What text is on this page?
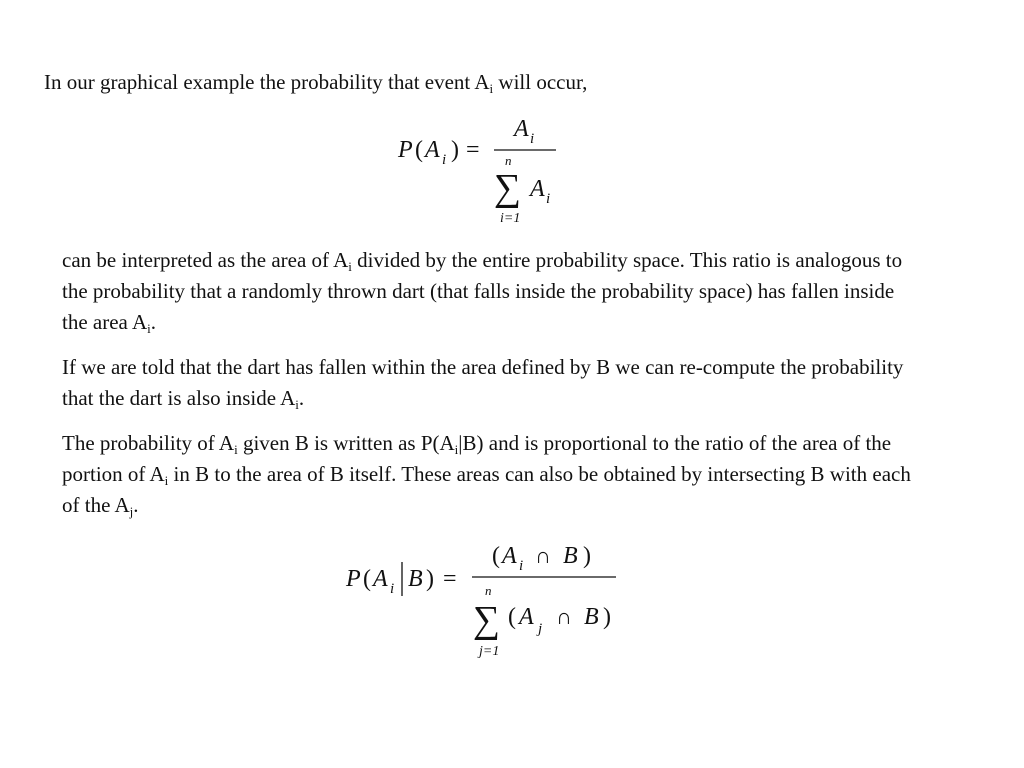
In our graphical example the probability that event $A_i$ will occur,

P ( A i ) =
A i
n
∑
i=1
A i

can be interpreted as the area of $A_i$ divided by the entire probability space. This ratio is analogous to the probability that a randomly thrown dart (that falls inside the probability space) has fallen inside the area $A_i$.

If we are told that the dart has fallen within the area defined by B we can re-compute the probability that the dart is also inside $A_i$.

The probability of $A_i$ given B is written as $P(A_i|B)$ and is proportional to the ratio of the area of the portion of $A_i$ in B to the area of B itself. These areas can also be obtained by intersecting B with each of the $A_j$.

P ( A i B ) =
( A i ∩ B )
n
∑
j=1
( A j ∩ B )
